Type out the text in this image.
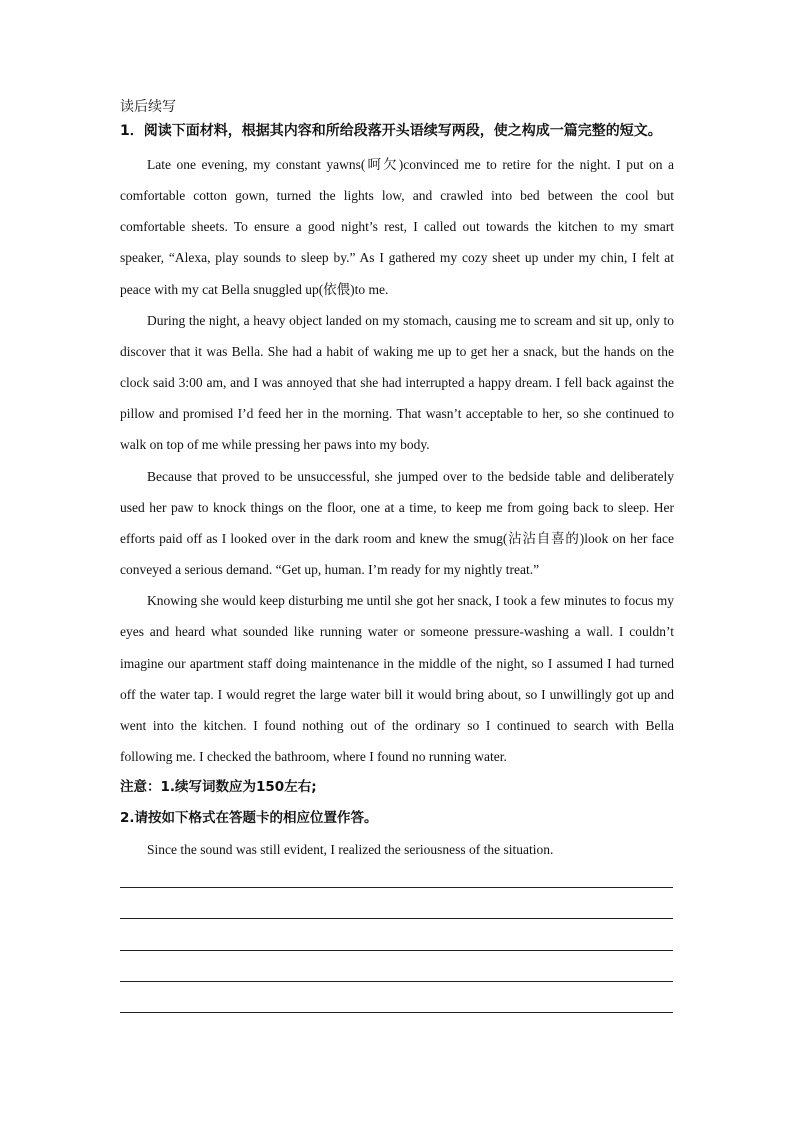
读后续写
1．阅读下面材料，根据其内容和所给段落开头语续写两段，使之构成一篇完整的短文。

Late one evening, my constant yawns(呵欠)convinced me to retire for the night. I put on a comfortable cotton gown, turned the lights low, and crawled into bed between the cool but comfortable sheets. To ensure a good night’s rest, I called out towards the kitchen to my smart speaker, “Alexa, play sounds to sleep by.” As I gathered my cozy sheet up under my chin, I felt at peace with my cat Bella snuggled up(依偎)to me.

During the night, a heavy object landed on my stomach, causing me to scream and sit up, only to discover that it was Bella. She had a habit of waking me up to get her a snack, but the hands on the clock said 3:00 am, and I was annoyed that she had interrupted a happy dream. I fell back against the pillow and promised I’d feed her in the morning. That wasn’t acceptable to her, so she continued to walk on top of me while pressing her paws into my body.

Because that proved to be unsuccessful, she jumped over to the bedside table and deliberately used her paw to knock things on the floor, one at a time, to keep me from going back to sleep. Her efforts paid off as I looked over in the dark room and knew the smug(沾沾自喜的)look on her face conveyed a serious demand. “Get up, human. I’m ready for my nightly treat.”

Knowing she would keep disturbing me until she got her snack, I took a few minutes to focus my eyes and heard what sounded like running water or someone pressure-washing a wall. I couldn’t imagine our apartment staff doing maintenance in the middle of the night, so I assumed I had turned off the water tap. I would regret the large water bill it would bring about, so I unwillingly got up and went into the kitchen. I found nothing out of the ordinary so I continued to search with Bella following me. I checked the bathroom, where I found no running water.

注意：1.续写词数应为150左右;
2.请按如下格式在答题卡的相应位置作答。
Since the sound was still evident, I realized the seriousness of the situation.
